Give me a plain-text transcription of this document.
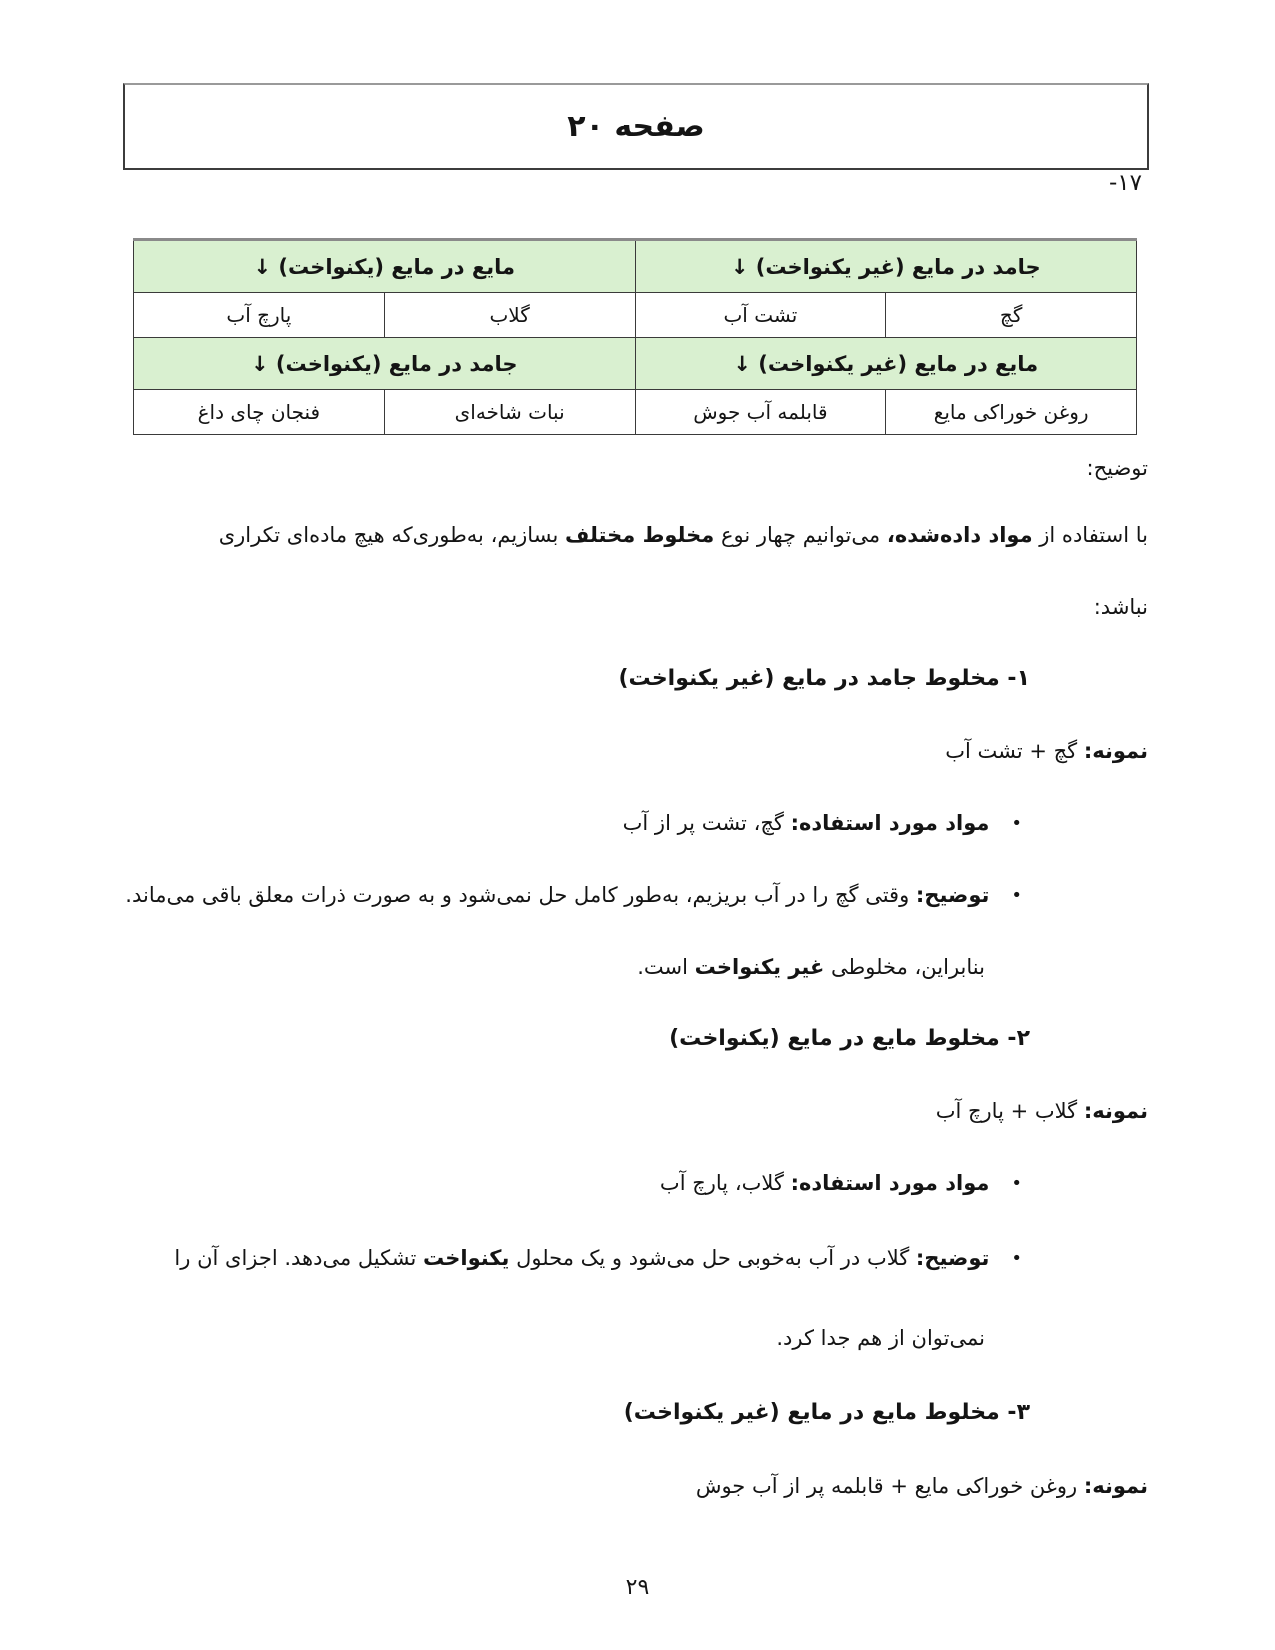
صفحه ۲۰
-۱۷
جامد در مایع (غیر یکنواخت) ↓		مایع در مایع (یکنواخت) ↓	
گچ	تشت آب	گلاب	پارچ آب
مایع در مایع (غیر یکنواخت) ↓		جامد در مایع (یکنواخت) ↓	
روغن خوراکی مایع	قابلمه آب جوش	نبات شاخه‌ای	فنجان چای داغ
توضیح:
با استفاده از مواد داده‌شده، می‌توانیم چهار نوع مخلوط مختلف بسازیم، به‌طوری‌که هیچ ماده‌ای تکراری
نباشد:
۱- مخلوط جامد در مایع (غیر یکنواخت)
نمونه: گچ + تشت آب
•مواد مورد استفاده: گچ، تشت پر از آب
•توضیح: وقتی گچ را در آب بریزیم، به‌طور کامل حل نمی‌شود و به صورت ذرات معلق باقی می‌ماند.
بنابراین، مخلوطی غیر یکنواخت است.
۲- مخلوط مایع در مایع (یکنواخت)
نمونه: گلاب + پارچ آب
•مواد مورد استفاده: گلاب، پارچ آب
•توضیح: گلاب در آب به‌خوبی حل می‌شود و یک محلول یکنواخت تشکیل می‌دهد. اجزای آن را
نمی‌توان از هم جدا کرد.
۳- مخلوط مایع در مایع (غیر یکنواخت)
نمونه: روغن خوراکی مایع + قابلمه پر از آب جوش
۲۹
